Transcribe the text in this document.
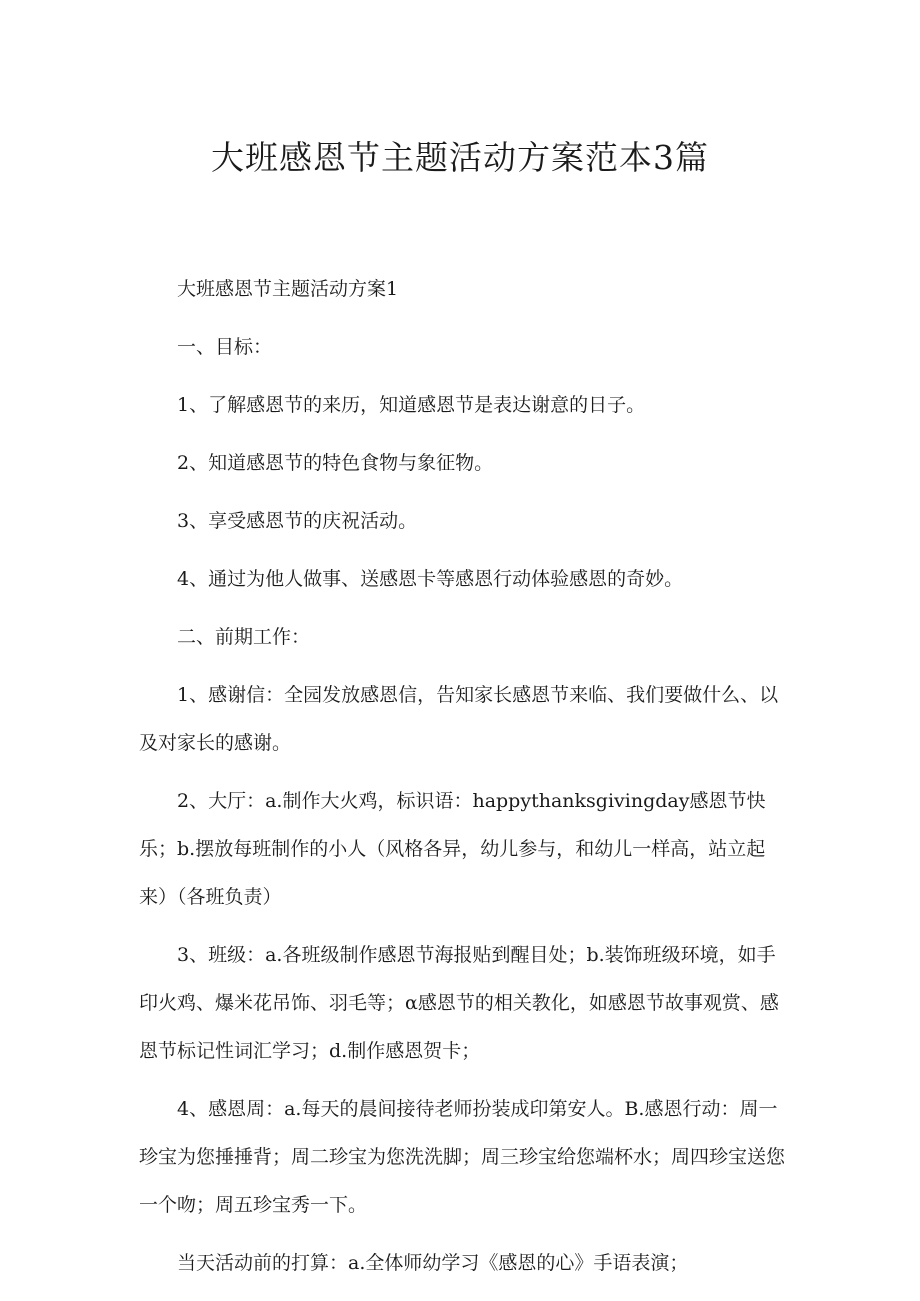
大班感恩节主题活动方案范本3篇

大班感恩节主题活动方案1

一、目标：

1、了解感恩节的来历，知道感恩节是表达谢意的日子。

2、知道感恩节的特色食物与象征物。

3、享受感恩节的庆祝活动。

4、通过为他人做事、送感恩卡等感恩行动体验感恩的奇妙。

二、前期工作：

1、感谢信：全园发放感恩信，告知家长感恩节来临、我们要做什么、以及对家长的感谢。

2、大厅：a.制作大火鸡，标识语：happythanksgivingday感恩节快乐；b.摆放每班制作的小人（风格各异，幼儿参与，和幼儿一样高，站立起来）（各班负责）

3、班级：a.各班级制作感恩节海报贴到醒目处；b.装饰班级环境，如手印火鸡、爆米花吊饰、羽毛等；α感恩节的相关教化，如感恩节故事观赏、感恩节标记性词汇学习；d.制作感恩贺卡；

4、感恩周：a.每天的晨间接待老师扮装成印第安人。B.感恩行动：周一珍宝为您捶捶背；周二珍宝为您洗洗脚；周三珍宝给您端杯水；周四珍宝送您一个吻；周五珍宝秀一下。

当天活动前的打算：a.全体师幼学习《感恩的心》手语表演；
